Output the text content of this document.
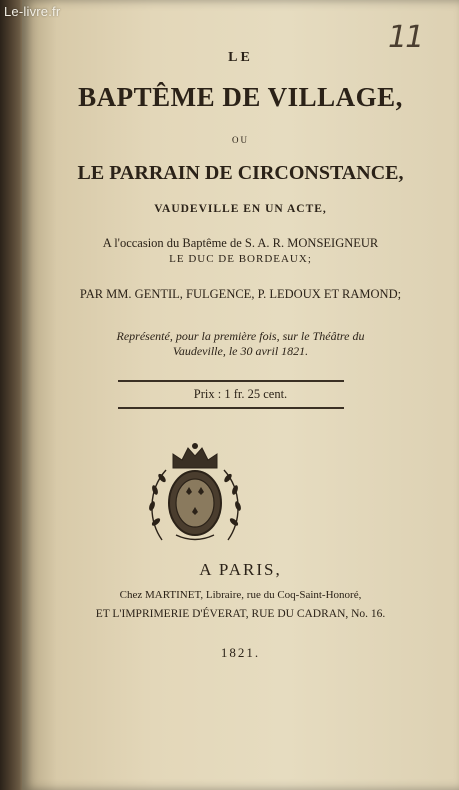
Le-livre.fr
11
LE
BAPTÊME DE VILLAGE,
OU
LE PARRAIN DE CIRCONSTANCE,
VAUDEVILLE EN UN ACTE,
A l'occasion du Baptême de S. A. R. MONSEIGNEUR
LE DUC DE BORDEAUX;
PAR MM. GENTIL, FULGENCE, P. LEDOUX ET RAMOND;
Représenté, pour la première fois, sur le Théâtre du
Vaudeville, le 30 avril 1821.
Prix : 1 fr. 25 cent.
A PARIS,
Chez MARTINET, Libraire, rue du Coq-Saint-Honoré,
ET L'IMPRIMERIE D'ÉVERAT, RUE DU CADRAN, No. 16.
1821.
